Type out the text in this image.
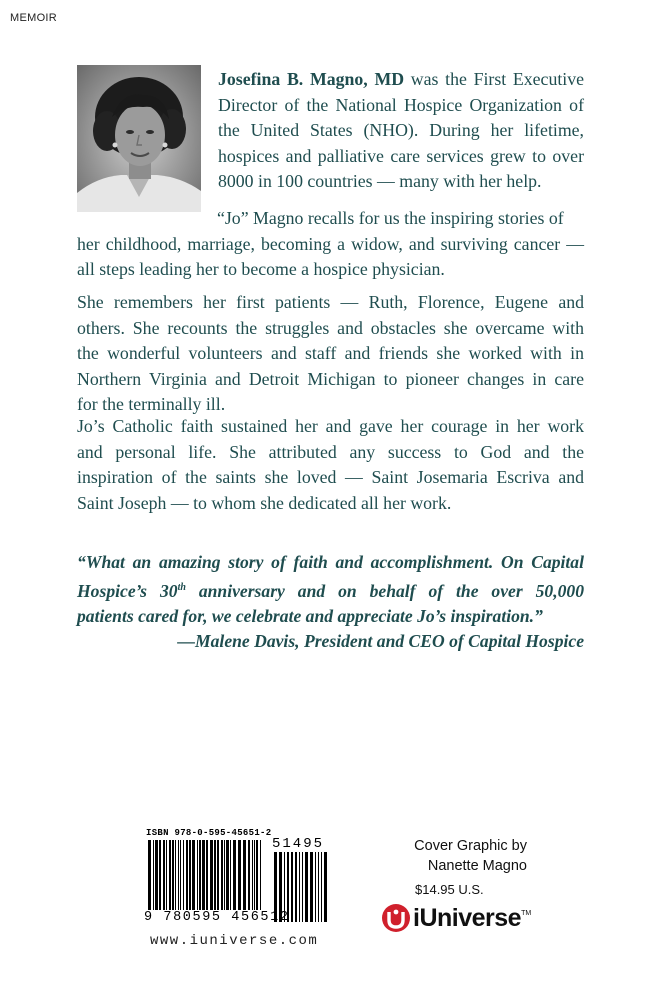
MEMOIR
Josefina B. Magno, MD was the First Executive
Director of the National Hospice Organization of
the United States (NHO). During her lifetime,
hospices and palliative care services grew to over
8000 in 100 countries — many with her help.
“Jo” Magno recalls for us the inspiring stories of
her childhood, marriage, becoming a widow, and surviving cancer —
all steps leading her to become a hospice physician.
She remembers her first patients — Ruth, Florence, Eugene and
others. She recounts the struggles and obstacles she overcame with
the wonderful volunteers and staff and friends she worked with in
Northern Virginia and Detroit Michigan to pioneer changes in care
for the terminally ill.
Jo’s Catholic faith sustained her and gave her courage in her work
and personal life. She attributed any success to God and the
inspiration of the saints she loved — Saint Josemaria Escriva and
Saint Joseph — to whom she dedicated all her work.
“What an amazing story of faith and accomplishment. On Capital
Hospice’s 30th anniversary and on behalf of the over 50,000
patients cared for, we celebrate and appreciate Jo’s inspiration.”
—Malene Davis, President and CEO of Capital Hospice
ISBN 978-0-595-45651-2
51495
9 780595 456512
www.iuniverse.com
Cover Graphic by
Nanette Magno
$14.95 U.S.
iUniverse TM
